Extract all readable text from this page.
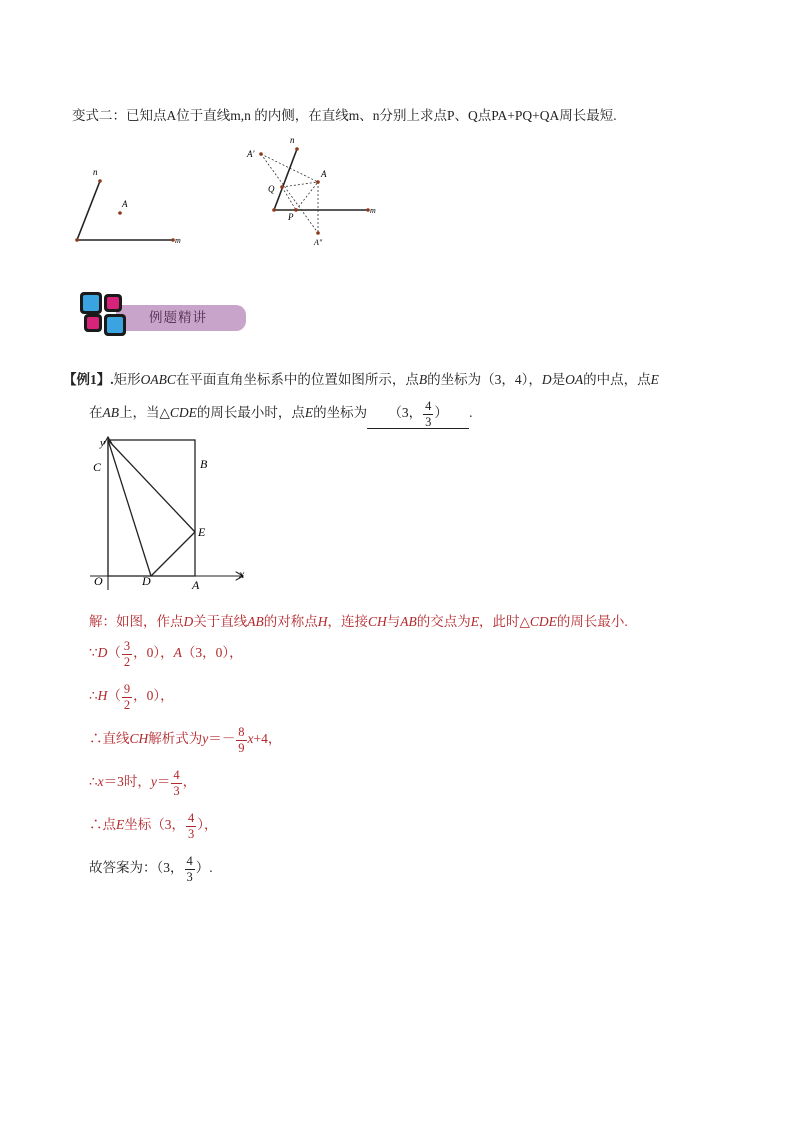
变式二：已知点A位于直线m,n 的内侧，在直线m、n分别上求点P、Q点PA+PQ+QA周长最短.
n
A
m
n
A'
A
Q
P
m
A"
例题精讲
【例1】.矩形OABC在平面直角坐标系中的位置如图所示，点B的坐标为（3，4），D是OA的中点，点E
在AB上，当△CDE的周长最小时，点E的坐标为 （3， $\frac{4}{3}$ ） .
y
x
C	B
E
O	D	A
解：如图，作点D关于直线AB的对称点H，连接CH与AB的交点为E，此时△CDE的周长最小.
∵D（ $\frac{3}{2}$ ，0），A（3，0），
∴H（ $\frac{9}{2}$ ，0），
∴直线CH解析式为$y=- \frac{8}{9} x+4$，
∴x＝3时，$y= \frac{4}{3}$ ，
∴点E坐标（3， $\frac{4}{3}$ ），
故答案为：（3， $\frac{4}{3}$ ）.
